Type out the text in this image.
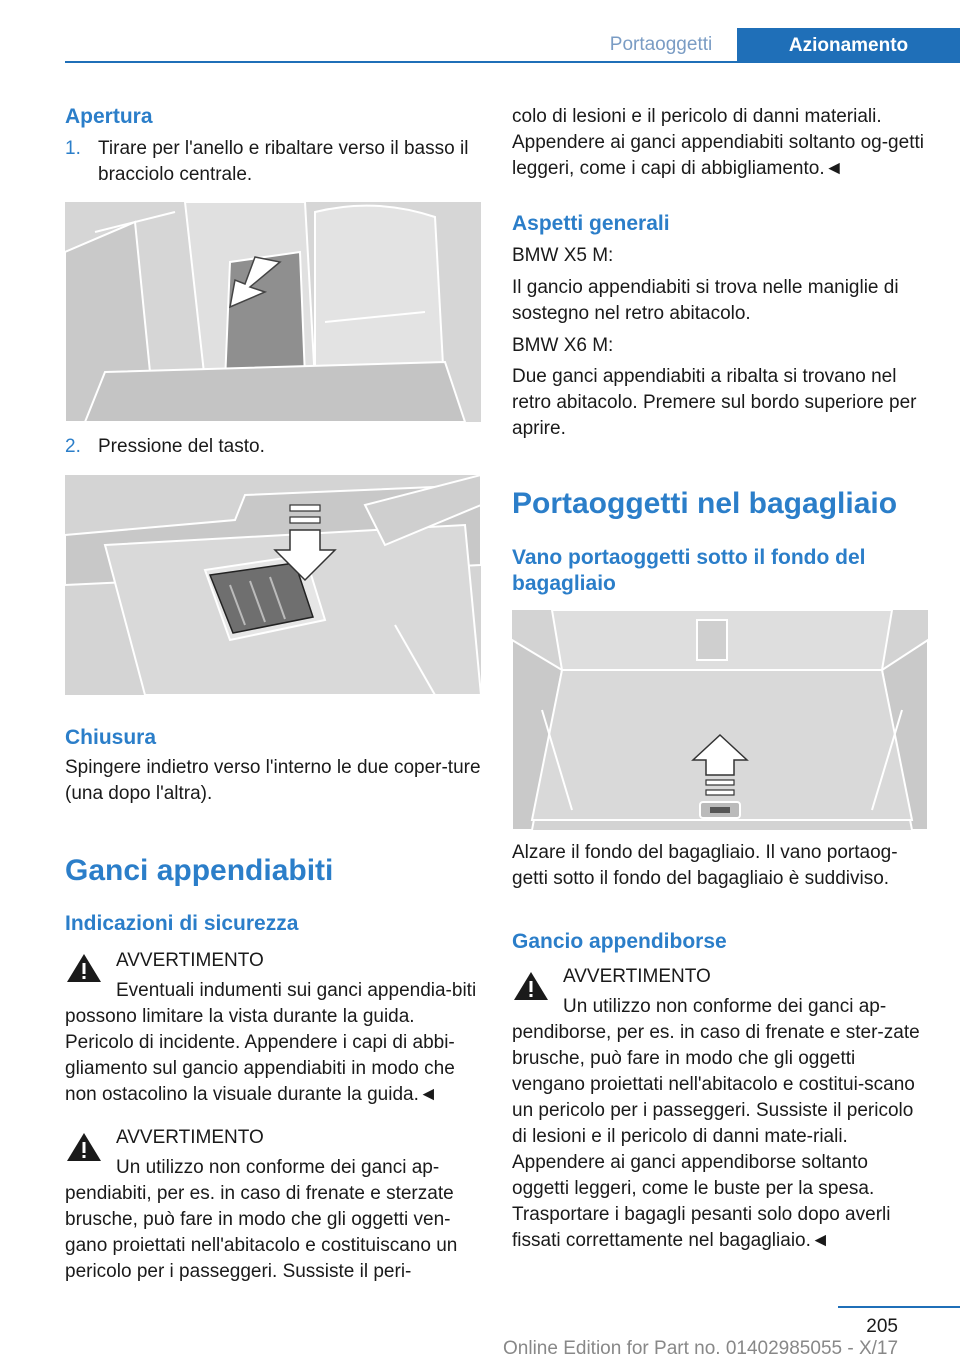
Portaoggetti	Azionamento
Apertura
1. Tirare per l'anello e ribaltare verso il basso il bracciolo centrale.
2. Pressione del tasto.
Chiusura

Spingere indietro verso l'interno le due coper-ture (una dopo l'altra).

Ganci appendiabiti
Indicazioni di sicurezza
AVVERTIMENTO

Eventuali indumenti sui ganci appendia-biti possono limitare la vista durante la guida. Pericolo di incidente. Appendere i capi di abbi-gliamento sul gancio appendiabiti in modo che non ostacolino la visuale durante la guida.◄

AVVERTIMENTO

Un utilizzo non conforme dei ganci ap-pendiabiti, per es. in caso di frenate e sterzate brusche, può fare in modo che gli oggetti ven-gano proiettati nell'abitacolo e costituiscano un pericolo per i passeggeri. Sussiste il peri-

colo di lesioni e il pericolo di danni materiali. Appendere ai ganci appendiabiti soltanto og-getti leggeri, come i capi di abbigliamento.◄

Aspetti generali
BMW X5 M:

Il gancio appendiabiti si trova nelle maniglie di sostegno nel retro abitacolo.

BMW X6 M:

Due ganci appendiabiti a ribalta si trovano nel retro abitacolo. Premere sul bordo superiore per aprire.

Portaoggetti nel bagagliaio
Vano portaoggetti sotto il fondo del bagagliaio

Alzare il fondo del bagagliaio. Il vano portaog-getti sotto il fondo del bagagliaio è suddiviso.

Gancio appendiborse
AVVERTIMENTO

Un utilizzo non conforme dei ganci ap-pendiborse, per es. in caso di frenate e ster-zate brusche, può fare in modo che gli oggetti vengano proiettati nell'abitacolo e costitui-scano un pericolo per i passeggeri. Sussiste il pericolo di lesioni e il pericolo di danni mate-riali. Appendere ai ganci appendiborse soltanto oggetti leggeri, come le buste per la spesa. Trasportare i bagagli pesanti solo dopo averli fissati correttamente nel bagagliaio.◄

205
Online Edition for Part no. 01402985055 - X/17
